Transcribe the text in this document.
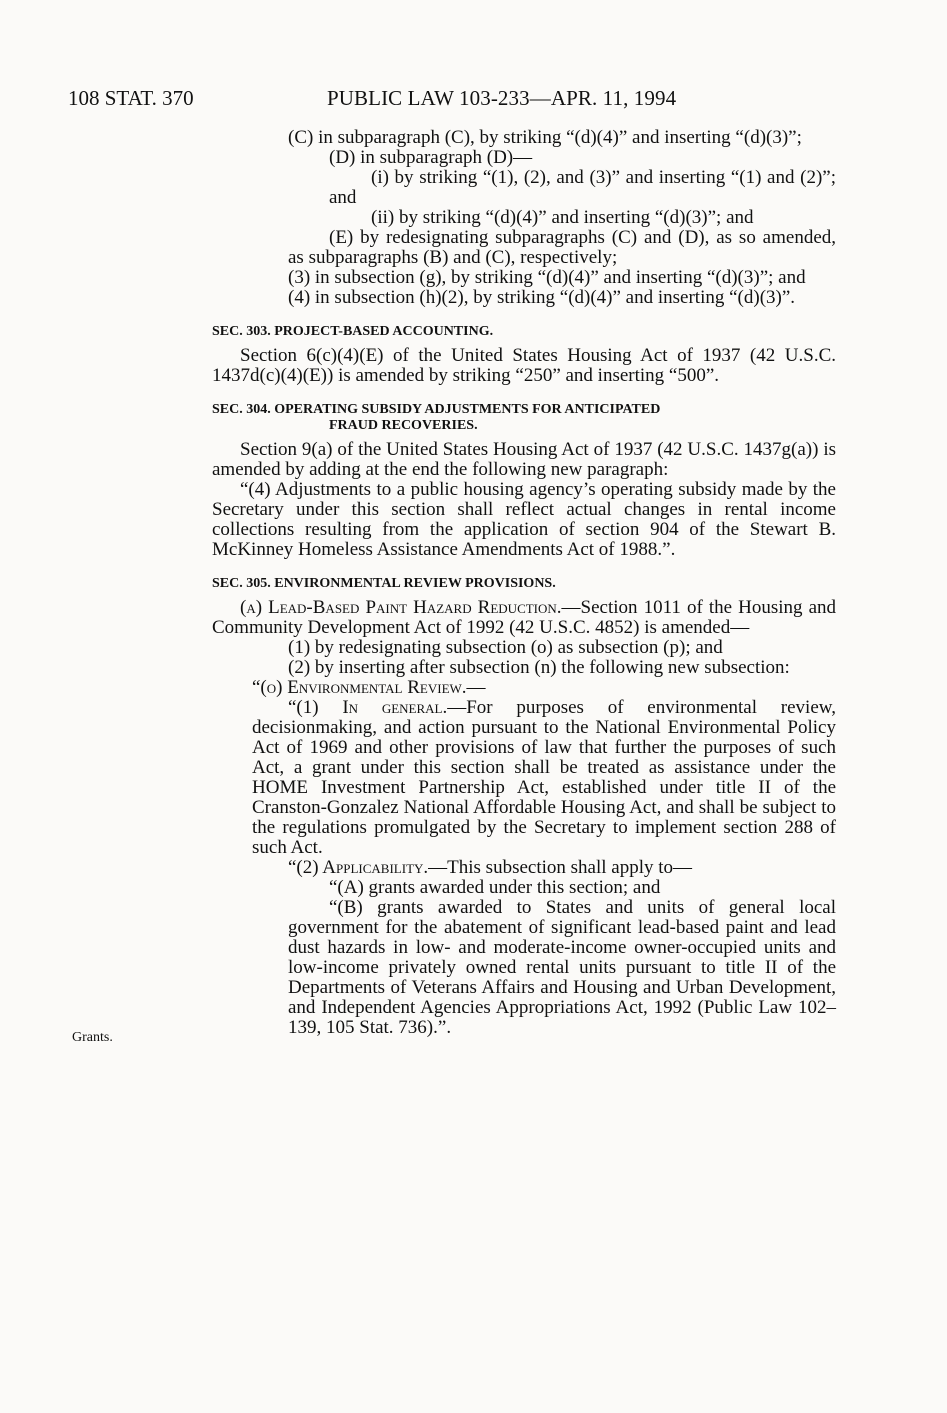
108 STAT. 370	PUBLIC LAW 103-233—APR. 11, 1994
Grants.

(C) in subparagraph (C), by striking “(d)(4)” and inserting “(d)(3)”;

(D) in subparagraph (D)—

(i) by striking “(1), (2), and (3)” and inserting “(1) and (2)”; and

(ii) by striking “(d)(4)” and inserting “(d)(3)”; and

(E) by redesignating subparagraphs (C) and (D), as so amended, as subparagraphs (B) and (C), respectively;

(3) in subsection (g), by striking “(d)(4)” and inserting “(d)(3)”; and

(4) in subsection (h)(2), by striking “(d)(4)” and inserting “(d)(3)”.

SEC. 303. PROJECT-BASED ACCOUNTING.

Section 6(c)(4)(E) of the United States Housing Act of 1937 (42 U.S.C. 1437d(c)(4)(E)) is amended by striking “250” and inserting “500”.

SEC. 304. OPERATING SUBSIDY ADJUSTMENTS FOR ANTICIPATED
FRAUD RECOVERIES.

Section 9(a) of the United States Housing Act of 1937 (42 U.S.C. 1437g(a)) is amended by adding at the end the following new paragraph:

“(4) Adjustments to a public housing agency’s operating subsidy made by the Secretary under this section shall reflect actual changes in rental income collections resulting from the application of section 904 of the Stewart B. McKinney Homeless Assistance Amendments Act of 1988.”.

SEC. 305. ENVIRONMENTAL REVIEW PROVISIONS.

(a) Lead-Based Paint Hazard Reduction.—Section 1011 of the Housing and Community Development Act of 1992 (42 U.S.C. 4852) is amended—

(1) by redesignating subsection (o) as subsection (p); and

(2) by inserting after subsection (n) the following new subsection:

“(o) Environmental Review.—

“(1) In general.—For purposes of environmental review, decisionmaking, and action pursuant to the National Environmental Policy Act of 1969 and other provisions of law that further the purposes of such Act, a grant under this section shall be treated as assistance under the HOME Investment Partnership Act, established under title II of the Cranston-Gonzalez National Affordable Housing Act, and shall be subject to the regulations promulgated by the Secretary to implement section 288 of such Act.

“(2) Applicability.—This subsection shall apply to—

“(A) grants awarded under this section; and

“(B) grants awarded to States and units of general local government for the abatement of significant lead-based paint and lead dust hazards in low- and moderate-income owner-occupied units and low-income privately owned rental units pursuant to title II of the Departments of Veterans Affairs and Housing and Urban Development, and Independent Agencies Appropriations Act, 1992 (Public Law 102–139, 105 Stat. 736).”.
